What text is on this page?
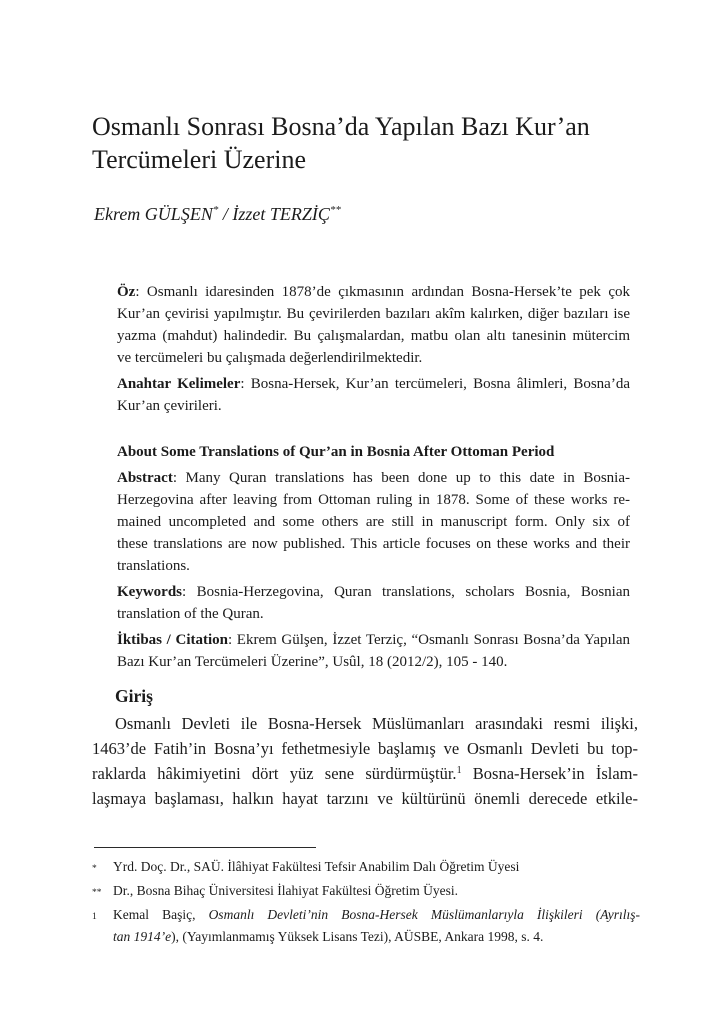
Osmanlı Sonrası Bosna’da Yapılan Bazı Kur’an
Tercümeleri Üzerine
Ekrem GÜLŞEN* / İzzet TERZİÇ**
Öz: Osmanlı idaresinden 1878’de çıkmasının ardından Bosna-Hersek’te pek çok
Kur’an çevirisi yapılmıştır. Bu çevirilerden bazıları akîm kalırken, diğer bazıları ise
yazma (mahdut) halindedir. Bu çalışmalardan, matbu olan altı tanesinin mütercim
ve tercümeleri bu çalışmada değerlendirilmektedir.
Anahtar Kelimeler: Bosna-Hersek, Kur’an tercümeleri, Bosna âlimleri, Bosna’da
Kur’an çevirileri.
About Some Translations of Qur’an in Bosnia After Ottoman Period
Abstract: Many Quran translations has been done up to this date in Bosnia-
Herzegovina after leaving from Ottoman ruling in 1878. Some of these works re-
mained uncompleted and some others are still in manuscript form. Only six of
these translations are now published. This article focuses on these works and their
translations.
Keywords: Bosnia-Herzegovina, Quran translations, scholars Bosnia, Bosnian
translation of the Quran.
İktibas / Citation: Ekrem Gülşen, İzzet Terziç, “Osmanlı Sonrası Bosna’da Yapılan
Bazı Kur’an Tercümeleri Üzerine”, Usûl, 18 (2012/2), 105 - 140.
Giriş
Osmanlı Devleti ile Bosna-Hersek Müslümanları arasındaki resmi ilişki,
1463’de Fatih’in Bosna’yı fethetmesiyle başlamış ve Osmanlı Devleti bu top-
raklarda hâkimiyetini dört yüz sene sürdürmüştür.$^1$ Bosna-Hersek’in İslam-
laşmaya başlaması, halkın hayat tarzını ve kültürünü önemli derecede etkile-
*	Yrd. Doç. Dr., SAÜ. İlâhiyat Fakültesi Tefsir Anabilim Dalı Öğretim Üyesi
** Dr., Bosna Bihaç Üniversitesi İlahiyat Fakültesi Öğretim Üyesi.
1	Kemal Başiç, Osmanlı Devleti’nin Bosna-Hersek Müslümanlarıyla İlişkileri (Ayrılış-
tan 1914’e), (Yayımlanmamış Yüksek Lisans Tezi), AÜSBE, Ankara 1998, s. 4.
